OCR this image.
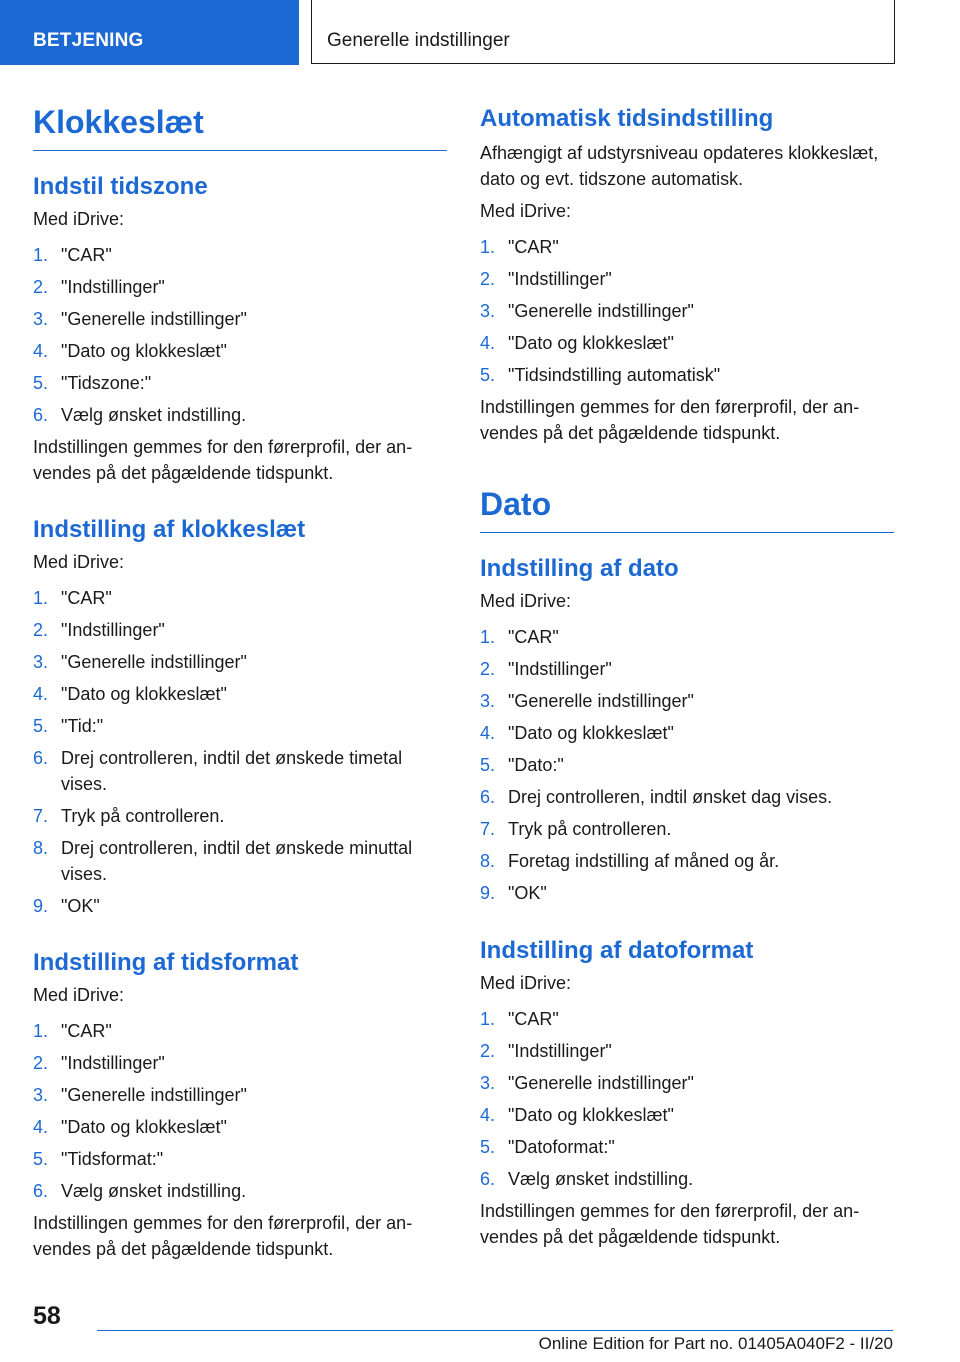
BETJENING	Generelle indstillinger
Klokkeslæt
Indstil tidszone

Med iDrive:

1. "CAR"
2. "Indstillinger"
3. "Generelle indstillinger"
4. "Dato og klokkeslæt"
5. "Tidszone:"
6. Vælg ønsket indstilling.

Indstillingen gemmes for den førerprofil, der anvendes på det pågældende tidspunkt.

Indstilling af klokkeslæt

Med iDrive:

1. "CAR"
2. "Indstillinger"
3. "Generelle indstillinger"
4. "Dato og klokkeslæt"
5. "Tid:"
6. Drej controlleren, indtil det ønskede timetal vises.
7. Tryk på controlleren.
8. Drej controlleren, indtil det ønskede minuttal vises.
9. "OK"
Indstilling af tidsformat

Med iDrive:

1. "CAR"
2. "Indstillinger"
3. "Generelle indstillinger"
4. "Dato og klokkeslæt"
5. "Tidsformat:"
6. Vælg ønsket indstilling.

Indstillingen gemmes for den førerprofil, der anvendes på det pågældende tidspunkt.

Automatisk tidsindstilling

Afhængigt af udstyrsniveau opdateres klokkeslæt, dato og evt. tidszone automatisk.

Med iDrive:

1. "CAR"
2. "Indstillinger"
3. "Generelle indstillinger"
4. "Dato og klokkeslæt"
5. "Tidsindstilling automatisk"

Indstillingen gemmes for den førerprofil, der anvendes på det pågældende tidspunkt.

Dato
Indstilling af dato

Med iDrive:

1. "CAR"
2. "Indstillinger"
3. "Generelle indstillinger"
4. "Dato og klokkeslæt"
5. "Dato:"
6. Drej controlleren, indtil ønsket dag vises.
7. Tryk på controlleren.
8. Foretag indstilling af måned og år.
9. "OK"
Indstilling af datoformat

Med iDrive:

1. "CAR"
2. "Indstillinger"
3. "Generelle indstillinger"
4. "Dato og klokkeslæt"
5. "Datoformat:"
6. Vælg ønsket indstilling.

Indstillingen gemmes for den førerprofil, der anvendes på det pågældende tidspunkt.

58
Online Edition for Part no. 01405A040F2 - II/20
